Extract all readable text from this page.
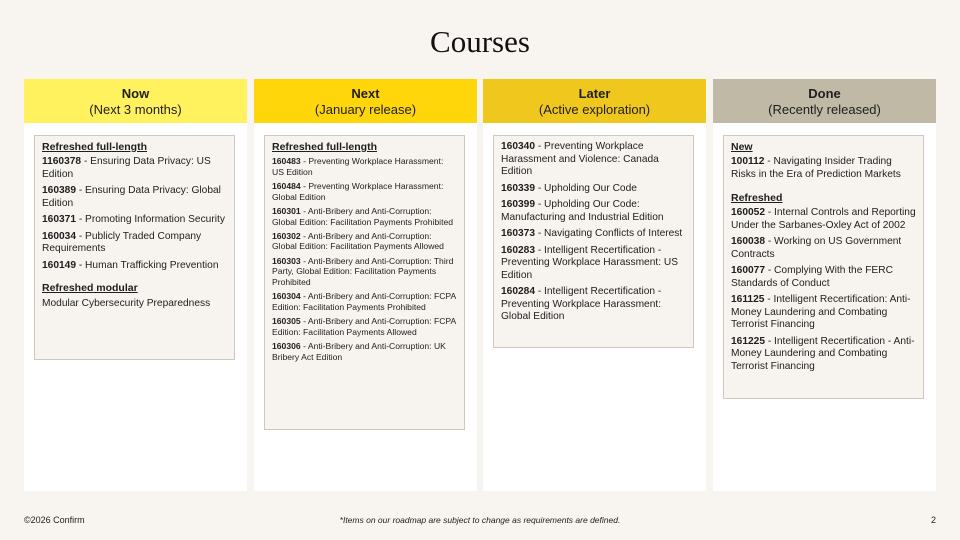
Courses
Now
(Next 3 months)
Refreshed full-length
1160378 - Ensuring Data Privacy: US Edition
160389 - Ensuring Data Privacy: Global Edition
160371 - Promoting Information Security
160034 - Publicly Traded Company Requirements
160149 - Human Trafficking Prevention
Refreshed modular
Modular Cybersecurity Preparedness
Next
(January release)
Refreshed full-length
160483 - Preventing Workplace Harassment: US Edition
160484 - Preventing Workplace Harassment: Global Edition
160301 - Anti-Bribery and Anti-Corruption: Global Edition: Facilitation Payments Prohibited
160302 - Anti-Bribery and Anti-Corruption: Global Edition: Facilitation Payments Allowed
160303 - Anti-Bribery and Anti-Corruption: Third Party, Global Edition: Facilitation Payments Prohibited
160304 - Anti-Bribery and Anti-Corruption: FCPA Edition: Facilitation Payments Prohibited
160305 - Anti-Bribery and Anti-Corruption: FCPA Edition: Facilitation Payments Allowed
160306 - Anti-Bribery and Anti-Corruption: UK Bribery Act Edition
Later
(Active exploration)
160340 - Preventing Workplace Harassment and Violence: Canada Edition
160339 - Upholding Our Code
160399 - Upholding Our Code: Manufacturing and Industrial Edition
160373 - Navigating Conflicts of Interest
160283 - Intelligent Recertification - Preventing Workplace Harassment: US Edition
160284 - Intelligent Recertification - Preventing Workplace Harassment: Global Edition
Done
(Recently released)
New
100112 - Navigating Insider Trading Risks in the Era of Prediction Markets
Refreshed
160052 - Internal Controls and Reporting Under the Sarbanes-Oxley Act of 2002
160038 - Working on US Government Contracts
160077 - Complying With the FERC Standards of Conduct
161125 - Intelligent Recertification: Anti-Money Laundering and Combating Terrorist Financing
161225 - Intelligent Recertification - Anti-Money Laundering and Combating Terrorist Financing
©2026 Confirm	*Items on our roadmap are subject to change as requirements are defined.	2
